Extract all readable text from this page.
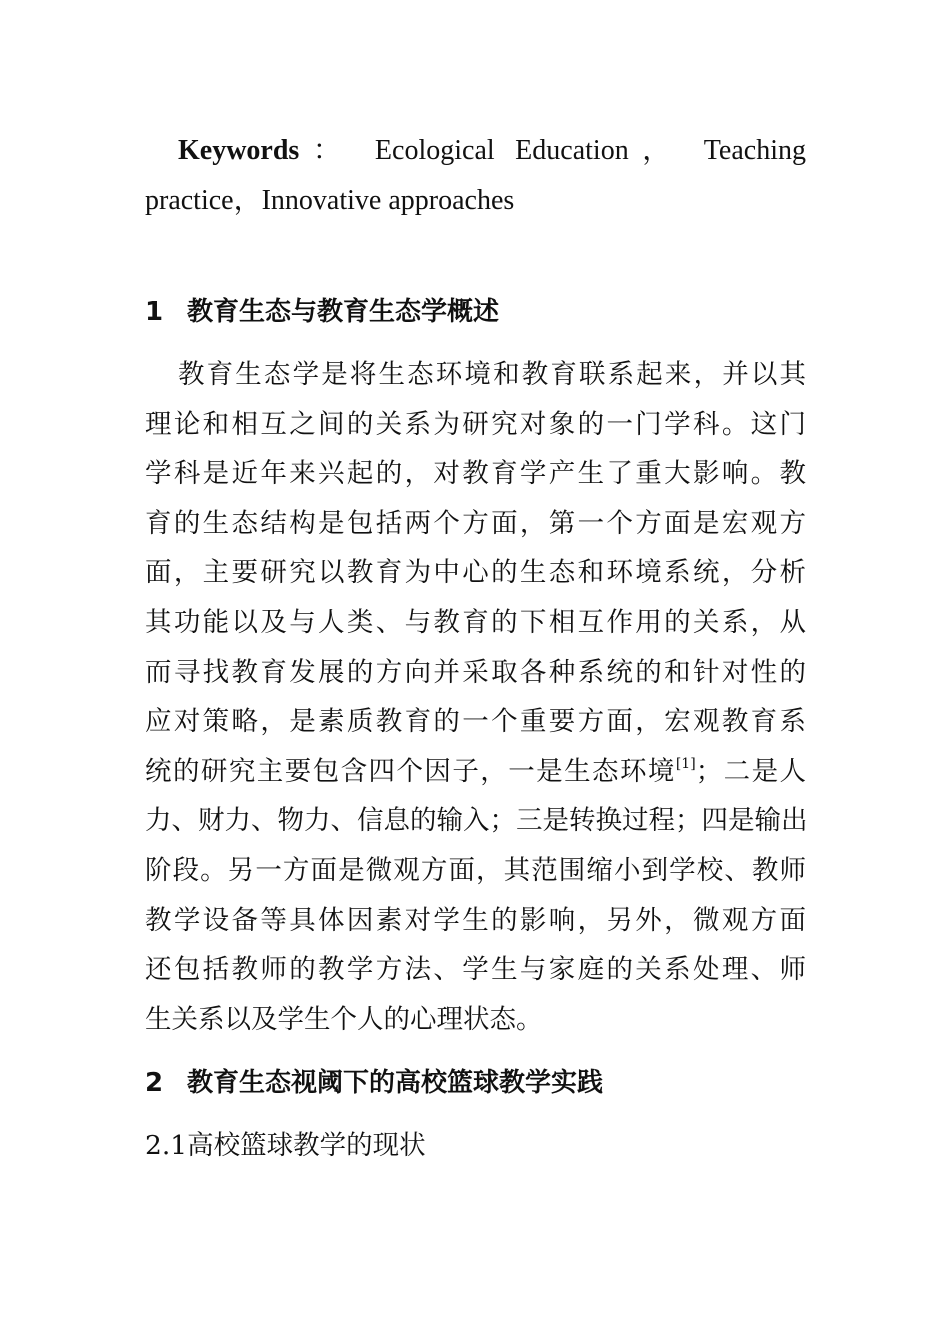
Keywords： Ecological Education， Teaching practice，Innovative approaches

1 教育生态与教育生态学概述
教育生态学是将生态环境和教育联系起来，并以其
理论和相互之间的关系为研究对象的一门学科。这门
学科是近年来兴起的，对教育学产生了重大影响。教
育的生态结构是包括两个方面，第一个方面是宏观方
面，主要研究以教育为中心的生态和环境系统，分析
其功能以及与人类、与教育的下相互作用的关系，从
而寻找教育发展的方向并采取各种系统的和针对性的
应对策略，是素质教育的一个重要方面，宏观教育系
统的研究主要包含四个因子，一是生态环境[1]；二是人
力、财力、物力、信息的输入；三是转换过程；四是输出
阶段。另一方面是微观方面，其范围缩小到学校、教师
教学设备等具体因素对学生的影响，另外，微观方面
还包括教师的教学方法、学生与家庭的关系处理、师
生关系以及学生个人的心理状态。
2 教育生态视阈下的高校篮球教学实践

2.1高校篮球教学的现状
